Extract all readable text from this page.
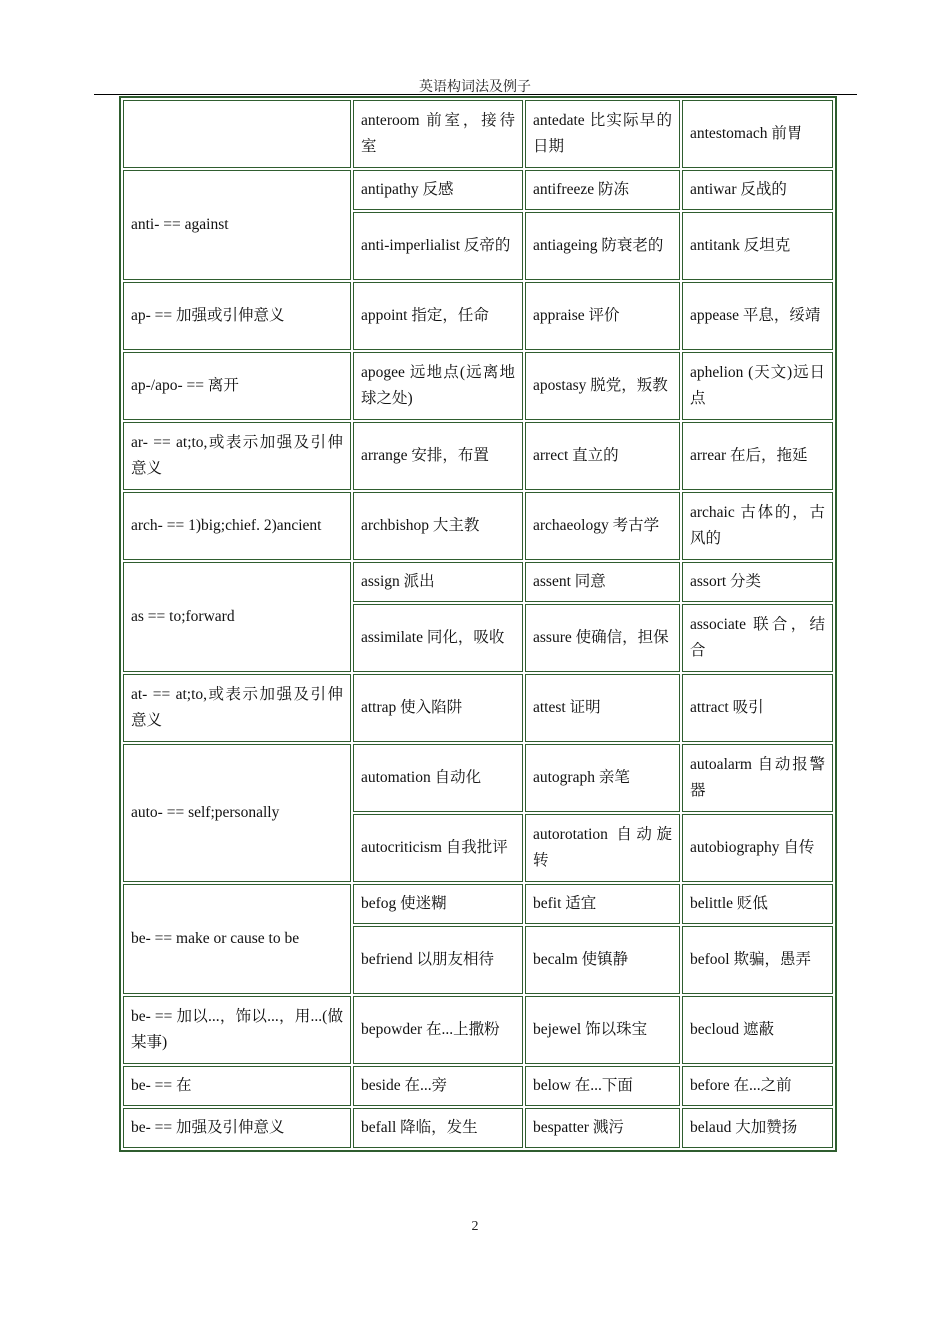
英语构词法及例子
	anteroom 前室，接待室	antedate 比实际早的日期	antestomach 前胃
anti- == against	antipathy 反感	antifreeze 防冻	antiwar 反战的
	anti-imperlialist 反帝的	antiageing 防衰老的	antitank 反坦克
ap- == 加强或引伸意义	appoint 指定，任命	appraise 评价	appease 平息，绥靖
ap-/apo- == 离开	apogee 远地点(远离地球之处)	apostasy 脱党，叛教	aphelion (天文)远日点
ar- == at;to,或表示加强及引伸意义	arrange 安排，布置	arrect 直立的	arrear 在后，拖延
arch- == 1)big;chief. 2)ancient	archbishop 大主教	archaeology 考古学	archaic 古体的，古风的
as == to;forward	assign 派出	assent 同意	assort 分类
	assimilate 同化，吸收	assure 使确信，担保	associate 联合，结合
at- == at;to,或表示加强及引伸意义	attrap 使入陷阱	attest 证明	attract 吸引
auto- == self;personally	automation 自动化	autograph 亲笔	autoalarm 自动报警器
	autocriticism 自我批评	autorotation 自动旋转	autobiography 自传
be- == make or cause to be	befog 使迷糊	befit 适宜	belittle 贬低
	befriend 以朋友相待	becalm 使镇静	befool 欺骗，愚弄
be- == 加以...，饰以...，用...(做某事)	bepowder 在...上撒粉	bejewel 饰以珠宝	becloud 遮蔽
be- == 在	beside 在...旁	below 在...下面	before 在...之前
be- == 加强及引伸意义	befall 降临，发生	bespatter 溅污	belaud 大加赞扬
2
